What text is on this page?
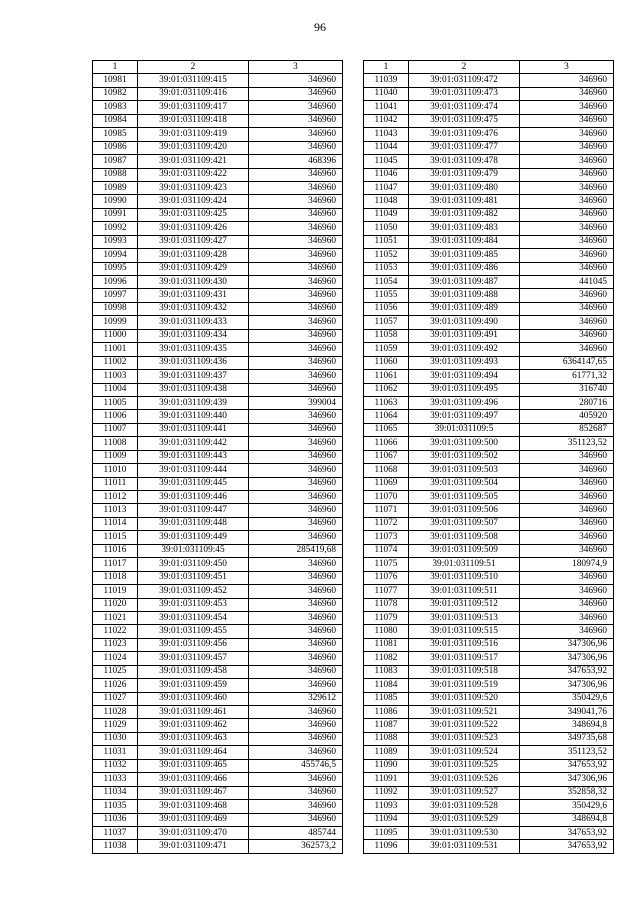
96
1	2	3
10981	39:01:031109:415	346960
10982	39:01:031109:416	346960
10983	39:01:031109:417	346960
10984	39:01:031109:418	346960
10985	39:01:031109:419	346960
10986	39:01:031109:420	346960
10987	39:01:031109:421	468396
10988	39:01:031109:422	346960
10989	39:01:031109:423	346960
10990	39:01:031109:424	346960
10991	39:01:031109:425	346960
10992	39:01:031109:426	346960
10993	39:01:031109:427	346960
10994	39:01:031109:428	346960
10995	39:01:031109:429	346960
10996	39:01:031109:430	346960
10997	39:01:031109:431	346960
10998	39:01:031109:432	346960
10999	39:01:031109:433	346960
11000	39:01:031109:434	346960
11001	39:01:031109:435	346960
11002	39:01:031109:436	346960
11003	39:01:031109:437	346960
11004	39:01:031109:438	346960
11005	39:01:031109:439	399004
11006	39:01:031109:440	346960
11007	39:01:031109:441	346960
11008	39:01:031109:442	346960
11009	39:01:031109:443	346960
11010	39:01:031109:444	346960
11011	39:01:031109:445	346960
11012	39:01:031109:446	346960
11013	39:01:031109:447	346960
11014	39:01:031109:448	346960
11015	39:01:031109:449	346960
11016	39:01:031109:45	285419,68
11017	39:01:031109:450	346960
11018	39:01:031109:451	346960
11019	39:01:031109:452	346960
11020	39:01:031109:453	346960
11021	39:01:031109:454	346960
11022	39:01:031109:455	346960
11023	39:01:031109:456	346960
11024	39:01:031109:457	346960
11025	39:01:031109:458	346960
11026	39:01:031109:459	346960
11027	39:01:031109:460	329612
11028	39:01:031109:461	346960
11029	39:01:031109:462	346960
11030	39:01:031109:463	346960
11031	39:01:031109:464	346960
11032	39:01:031109:465	455746,5
11033	39:01:031109:466	346960
11034	39:01:031109:467	346960
11035	39:01:031109:468	346960
11036	39:01:031109:469	346960
11037	39:01:031109:470	485744
11038	39:01:031109:471	362573,2
1	2	3
11039	39:01:031109:472	346960
11040	39:01:031109:473	346960
11041	39:01:031109:474	346960
11042	39:01:031109:475	346960
11043	39:01:031109:476	346960
11044	39:01:031109:477	346960
11045	39:01:031109:478	346960
11046	39:01:031109:479	346960
11047	39:01:031109:480	346960
11048	39:01:031109:481	346960
11049	39:01:031109:482	346960
11050	39:01:031109:483	346960
11051	39:01:031109:484	346960
11052	39:01:031109:485	346960
11053	39:01:031109:486	346960
11054	39:01:031109:487	441045
11055	39:01:031109:488	346960
11056	39:01:031109:489	346960
11057	39:01:031109:490	346960
11058	39:01:031109:491	346960
11059	39:01:031109:492	346960
11060	39:01:031109:493	6364147,65
11061	39:01:031109:494	61771,32
11062	39:01:031109:495	316740
11063	39:01:031109:496	280716
11064	39:01:031109:497	405920
11065	39:01:031109:5	852687
11066	39:01:031109:500	351123,52
11067	39:01:031109:502	346960
11068	39:01:031109:503	346960
11069	39:01:031109:504	346960
11070	39:01:031109:505	346960
11071	39:01:031109:506	346960
11072	39:01:031109:507	346960
11073	39:01:031109:508	346960
11074	39:01:031109:509	346960
11075	39:01:031109:51	180974,9
11076	39:01:031109:510	346960
11077	39:01:031109:511	346960
11078	39:01:031109:512	346960
11079	39:01:031109:513	346960
11080	39:01:031109:515	346960
11081	39:01:031109:516	347306,96
11082	39:01:031109:517	347306,96
11083	39:01:031109:518	347653,92
11084	39:01:031109:519	347306,96
11085	39:01:031109:520	350429,6
11086	39:01:031109:521	349041,76
11087	39:01:031109:522	348694,8
11088	39:01:031109:523	349735,68
11089	39:01:031109:524	351123,52
11090	39:01:031109:525	347653,92
11091	39:01:031109:526	347306,96
11092	39:01:031109:527	352858,32
11093	39:01:031109:528	350429,6
11094	39:01:031109:529	348694,8
11095	39:01:031109:530	347653,92
11096	39:01:031109:531	347653,92
